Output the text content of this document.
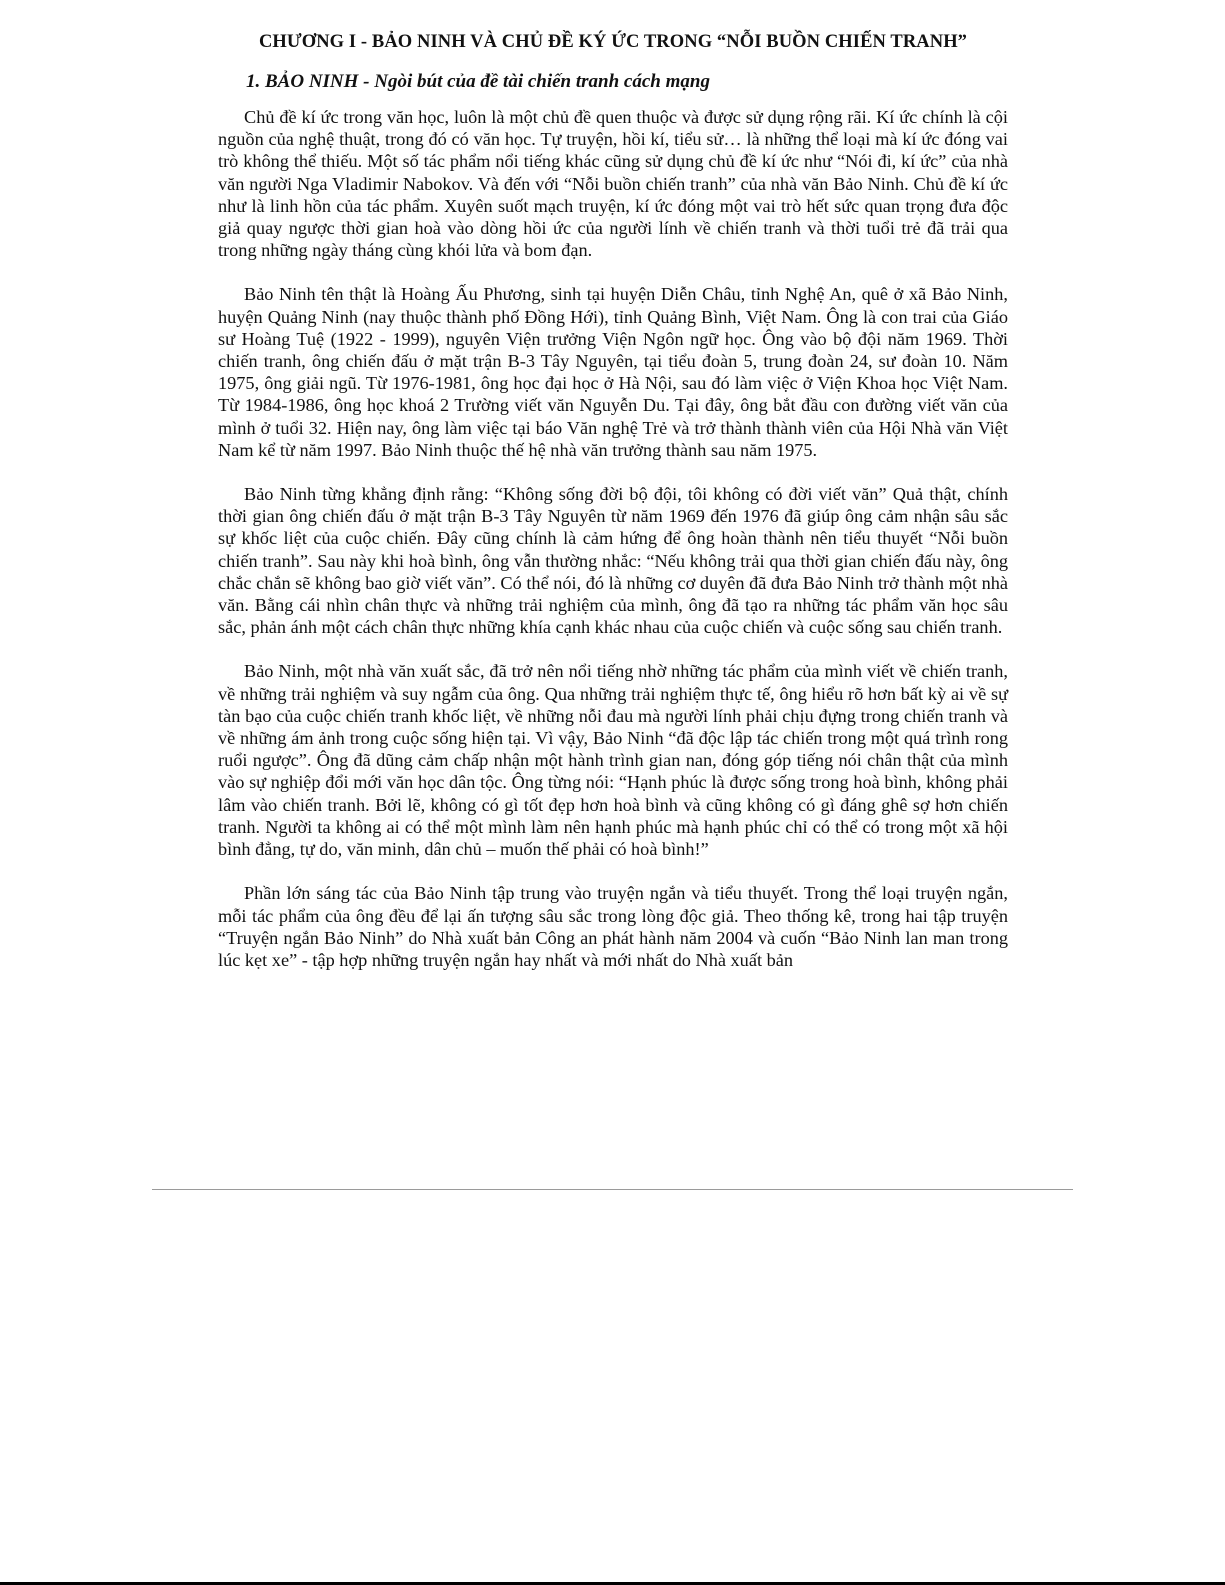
CHƯƠNG I - BẢO NINH VÀ CHỦ ĐỀ KÝ ỨC TRONG “NỖI BUỒN CHIẾN TRANH”
1. BẢO NINH - Ngòi bút của đề tài chiến tranh cách mạng

Chủ đề kí ức trong văn học, luôn là một chủ đề quen thuộc và được sử dụng rộng rãi. Kí ức chính là cội nguồn của nghệ thuật, trong đó có văn học. Tự truyện, hồi kí, tiểu sử… là những thể loại mà kí ức đóng vai trò không thể thiếu. Một số tác phẩm nổi tiếng khác cũng sử dụng chủ đề kí ức như “Nói đi, kí ức” của nhà văn người Nga Vladimir Nabokov. Và đến với “Nỗi buồn chiến tranh” của nhà văn Bảo Ninh. Chủ đề kí ức như là linh hồn của tác phẩm. Xuyên suốt mạch truyện, kí ức đóng một vai trò hết sức quan trọng đưa độc giả quay ngược thời gian hoà vào dòng hồi ức của người lính về chiến tranh và thời tuổi trẻ đã trải qua trong những ngày tháng cùng khói lửa và bom đạn.

Bảo Ninh tên thật là Hoàng Ấu Phương, sinh tại huyện Diễn Châu, tỉnh Nghệ An, quê ở xã Bảo Ninh, huyện Quảng Ninh (nay thuộc thành phố Đồng Hới), tỉnh Quảng Bình, Việt Nam. Ông là con trai của Giáo sư Hoàng Tuệ (1922 - 1999), nguyên Viện trưởng Viện Ngôn ngữ học. Ông vào bộ đội năm 1969. Thời chiến tranh, ông chiến đấu ở mặt trận B-3 Tây Nguyên, tại tiểu đoàn 5, trung đoàn 24, sư đoàn 10. Năm 1975, ông giải ngũ. Từ 1976-1981, ông học đại học ở Hà Nội, sau đó làm việc ở Viện Khoa học Việt Nam. Từ 1984-1986, ông học khoá 2 Trường viết văn Nguyễn Du. Tại đây, ông bắt đầu con đường viết văn của mình ở tuổi 32. Hiện nay, ông làm việc tại báo Văn nghệ Trẻ và trở thành thành viên của Hội Nhà văn Việt Nam kể từ năm 1997. Bảo Ninh thuộc thế hệ nhà văn trưởng thành sau năm 1975.

Bảo Ninh từng khẳng định rằng: “Không sống đời bộ đội, tôi không có đời viết văn” Quả thật, chính thời gian ông chiến đấu ở mặt trận B-3 Tây Nguyên từ năm 1969 đến 1976 đã giúp ông cảm nhận sâu sắc sự khốc liệt của cuộc chiến. Đây cũng chính là cảm hứng để ông hoàn thành nên tiểu thuyết “Nỗi buồn chiến tranh”. Sau này khi hoà bình, ông vẫn thường nhắc: “Nếu không trải qua thời gian chiến đấu này, ông chắc chắn sẽ không bao giờ viết văn”. Có thể nói, đó là những cơ duyên đã đưa Bảo Ninh trở thành một nhà văn. Bằng cái nhìn chân thực và những trải nghiệm của mình, ông đã tạo ra những tác phẩm văn học sâu sắc, phản ánh một cách chân thực những khía cạnh khác nhau của cuộc chiến và cuộc sống sau chiến tranh.

Bảo Ninh, một nhà văn xuất sắc, đã trở nên nổi tiếng nhờ những tác phẩm của mình viết về chiến tranh, về những trải nghiệm và suy ngẫm của ông. Qua những trải nghiệm thực tế, ông hiểu rõ hơn bất kỳ ai về sự tàn bạo của cuộc chiến tranh khốc liệt, về những nỗi đau mà người lính phải chịu đựng trong chiến tranh và về những ám ảnh trong cuộc sống hiện tại. Vì vậy, Bảo Ninh “đã độc lập tác chiến trong một quá trình rong ruổi ngược”. Ông đã dũng cảm chấp nhận một hành trình gian nan, đóng góp tiếng nói chân thật của mình vào sự nghiệp đổi mới văn học dân tộc. Ông từng nói: “Hạnh phúc là được sống trong hoà bình, không phải lâm vào chiến tranh. Bởi lẽ, không có gì tốt đẹp hơn hoà bình và cũng không có gì đáng ghê sợ hơn chiến tranh. Người ta không ai có thể một mình làm nên hạnh phúc mà hạnh phúc chỉ có thể có trong một xã hội bình đẳng, tự do, văn minh, dân chủ – muốn thế phải có hoà bình!”

Phần lớn sáng tác của Bảo Ninh tập trung vào truyện ngắn và tiểu thuyết. Trong thể loại truyện ngắn, mỗi tác phẩm của ông đều để lại ấn tượng sâu sắc trong lòng độc giả. Theo thống kê, trong hai tập truyện “Truyện ngắn Bảo Ninh” do Nhà xuất bản Công an phát hành năm 2004 và cuốn “Bảo Ninh lan man trong lúc kẹt xe” - tập hợp những truyện ngắn hay nhất và mới nhất do Nhà xuất bản
